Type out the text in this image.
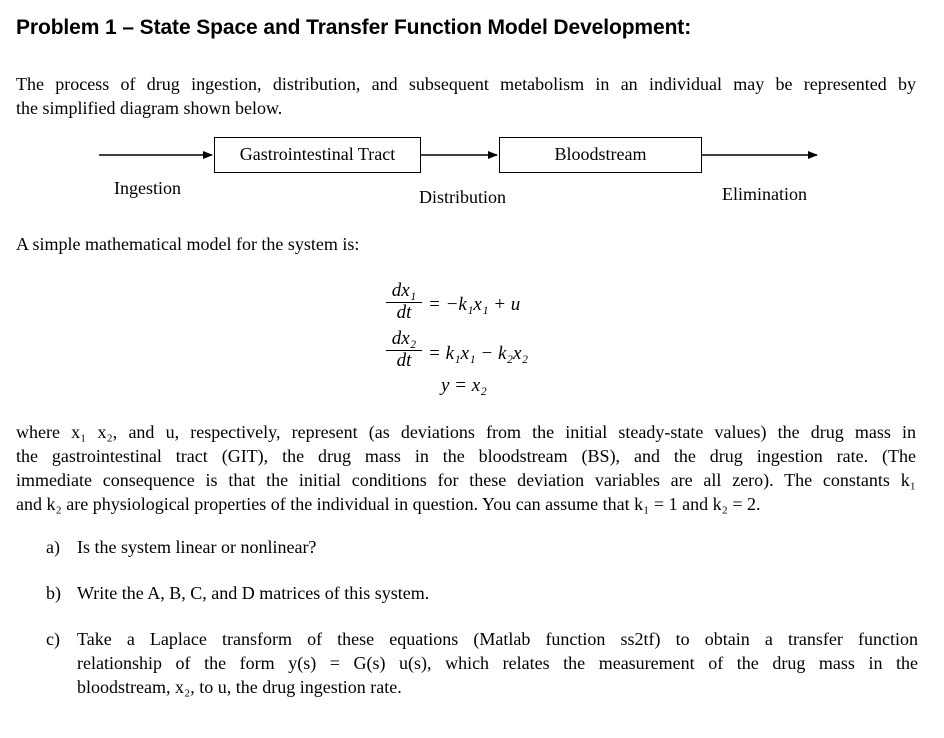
Problem 1 – State Space and Transfer Function Model Development:
The process of drug ingestion, distribution, and subsequent metabolism in an individual may be represented by
the simplified diagram shown below.
Gastrointestinal Tract	Bloodstream
Ingestion	Distribution	Elimination
A simple mathematical model for the system is:
dx₁
dt = −k₁x₁ + u
dx₂
dt = k₁x₁ − k₂x₂
y = x₂
where x₁ x₂, and u, respectively, represent (as deviations from the initial steady-state values) the drug mass in
the gastrointestinal tract (GIT), the drug mass in the bloodstream (BS), and the drug ingestion rate. (The
immediate consequence is that the initial conditions for these deviation variables are all zero). The constants k₁
and k₂ are physiological properties of the individual in question. You can assume that k₁ = 1 and k₂ = 2.
a) Is the system linear or nonlinear?
b) Write the A, B, C, and D matrices of this system.
c) Take a Laplace transform of these equations (Matlab function ss2tf) to obtain a transfer function
relationship of the form y(s) = G(s) u(s), which relates the measurement of the drug mass in the
bloodstream, x₂, to u, the drug ingestion rate.
